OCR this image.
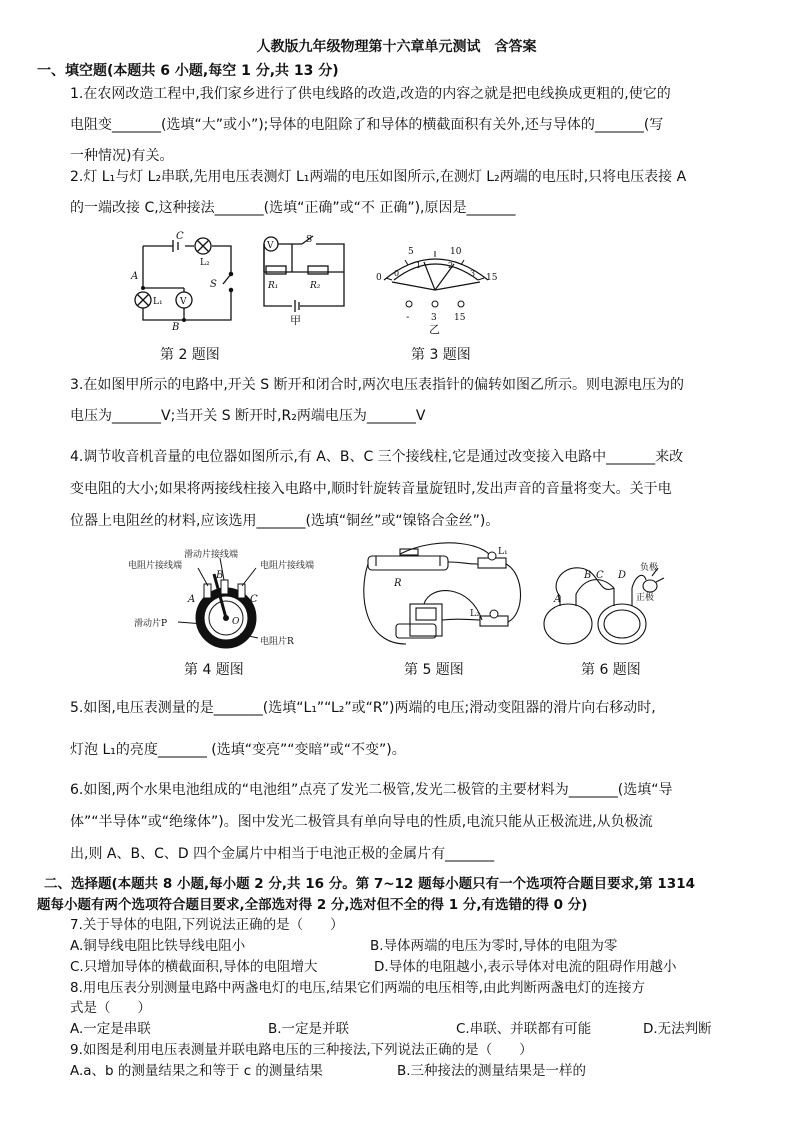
人教版九年级物理第十六章单元测试　含答案
一、填空题(本题共 6 小题,每空 1 分,共 13 分)
1.在农网改造工程中,我们家乡进行了供电线路的改造,改造的内容之就是把电线换成更粗的,使它的
电阻变_______(选填“大”或小”);导体的电阻除了和导体的横截面积有关外,还与导体的_______(写
一种情况)有关。
2.灯 L₁与灯 L₂串联,先用电压表测灯 L₁两端的电压如图所示,在测灯 L₂两端的电压时,只将电压表接 A
的一端改接 C,这种接法_______(选填“正确”或“不 正确”),原因是_______
C
A
B
L₁
L₂
S
V
V
S
R₁	R₂
甲
0
5	10
15
0
1	2
3
- 3 15
乙
第 2 题图	第 3 题图
3.在如图甲所示的电路中,开关 S 断开和闭合时,两次电压表指针的偏转如图乙所示。则电源电压为的
电压为_______V;当开关 S 断开时,R₂两端电压为_______V
4.调节收音机音量的电位器如图所示,有 A、B、C 三个接线柱,它是通过改变接入电路中_______来改
变电阻的大小;如果将两接线柱接入电路中,顺时针旋转音量旋钮时,发出声音的音量将变大。关于电
位器上电阻丝的材料,应该选用_______(选填“铜丝”或“镍铬合金丝”)。
滑动片接线端
电阻片接线端	电阻片接线端
滑动片P
电阻片R
A
B
C
O
R
L₁
L₂
A
B C D
正极
负极
第 4 题图	第 5 题图	第 6 题图
5.如图,电压表测量的是_______(选填“L₁”“L₂”或“R”)两端的电压;滑动变阻器的滑片向右移动时,
灯泡 L₁的亮度_______ (选填“变亮”“变暗”或“不变”)。
6.如图,两个水果电池组成的“电池组”点亮了发光二极管,发光二极管的主要材料为_______(选填“导
体”“半导体”或“绝缘体”)。图中发光二极管具有单向导电的性质,电流只能从正极流进,从负极流
出,则 A、B、C、D 四个金属片中相当于电池正极的金属片有_______
二、选择题(本题共 8 小题,每小题 2 分,共 16 分。第 7~12 题每小题只有一个选项符合题目要求,第 1314
题每小题有两个选项符合题目要求,全部选对得 2 分,选对但不全的得 1 分,有选错的得 0 分)
7.关于导体的电阻,下列说法正确的是（　　）
A.铜导线电阻比铁导线电阻小	B.导体两端的电压为零时,导体的电阻为零
C.只增加导体的横截面积,导体的电阻增大	D.导体的电阻越小,表示导体对电流的阻碍作用越小
8.用电压表分别测量电路中两盏电灯的电压,结果它们两端的电压相等,由此判断两盏电灯的连接方
式是（　　）
A.一定是串联	B.一定是并联	C.串联、并联都有可能	D.无法判断
9.如图是利用电压表测量并联电路电压的三种接法,下列说法正确的是（　　）
A.a、b 的测量结果之和等于 c 的测量结果	B.三种接法的测量结果是一样的
